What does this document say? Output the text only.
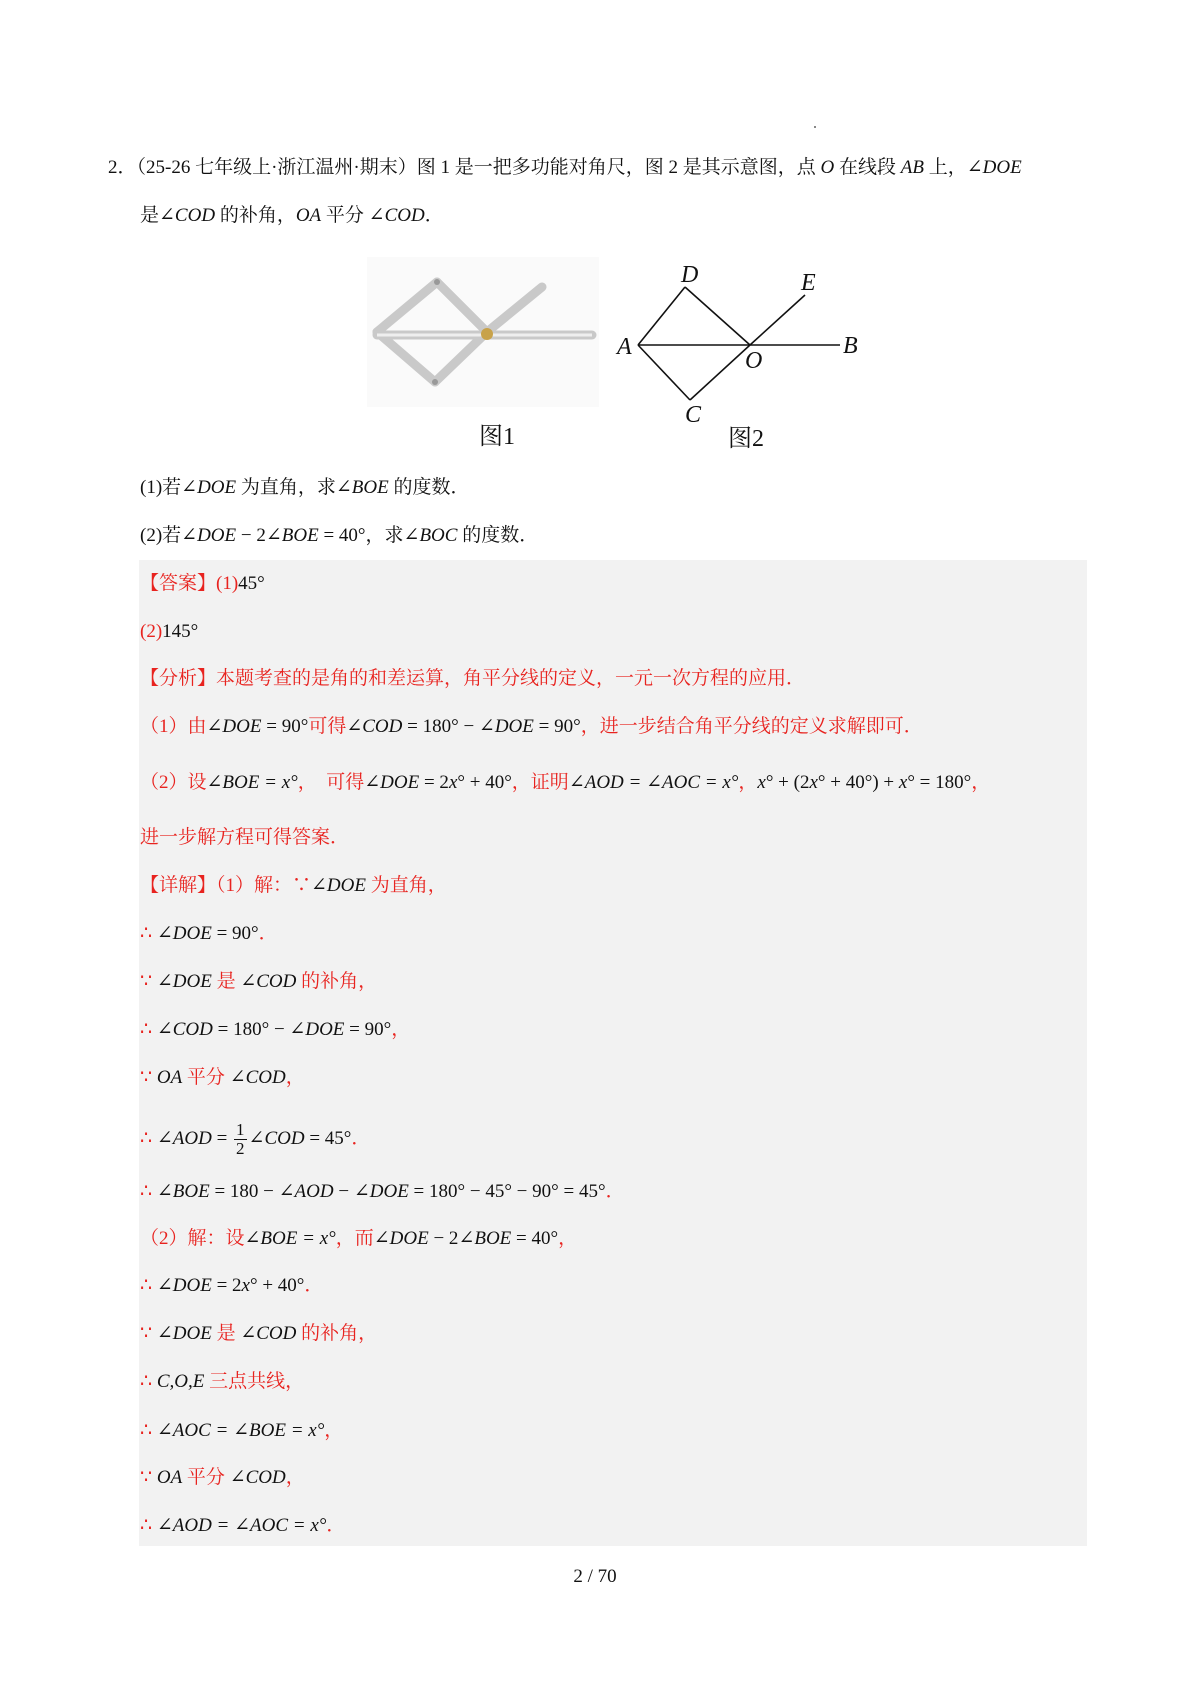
2．（25-26 七年级上·浙江温州·期末）图 1 是一把多功能对角尺，图 2 是其示意图，点 O 在线段 AB 上，∠DOE
是∠COD 的补角，OA 平分 ∠COD．
图1
A	B
C
D	E
O
图2
(1)若∠DOE 为直角，求∠BOE 的度数．
(2)若∠DOE − 2∠BOE = 40°，求∠BOC 的度数．
【答案】(1)45°
(2)145°
【分析】本题考查的是角的和差运算，角平分线的定义，一元一次方程的应用．
（1）由∠DOE = 90°可得∠COD = 180° − ∠DOE = 90°，进一步结合角平分线的定义求解即可．
（2）设∠BOE = x°，　可得∠DOE = 2x° + 40°，证明∠AOD = ∠AOC = x°，x° + (2x° + 40°) + x° = 180°，
进一步解方程可得答案．
【详解】（1）解：∵∠DOE 为直角，
∴ ∠DOE = 90°．
∵ ∠DOE 是 ∠COD 的补角，
∴ ∠COD = 180° − ∠DOE = 90°，
∵ OA 平分 ∠COD，
∴ ∠AOD = $\frac{1}{2}$ ∠COD = 45°．
∴ ∠BOE = 180 − ∠AOD − ∠DOE = 180° − 45° − 90° = 45°．
（2）解：设∠BOE = x°，而∠DOE − 2∠BOE = 40°，
∴ ∠DOE = 2x° + 40°．
∵ ∠DOE 是 ∠COD 的补角，
∴ C,O,E 三点共线，
∴ ∠AOC = ∠BOE = x°，
∵ OA 平分 ∠COD，
∴ ∠AOD = ∠AOC = x°．
2 / 70
